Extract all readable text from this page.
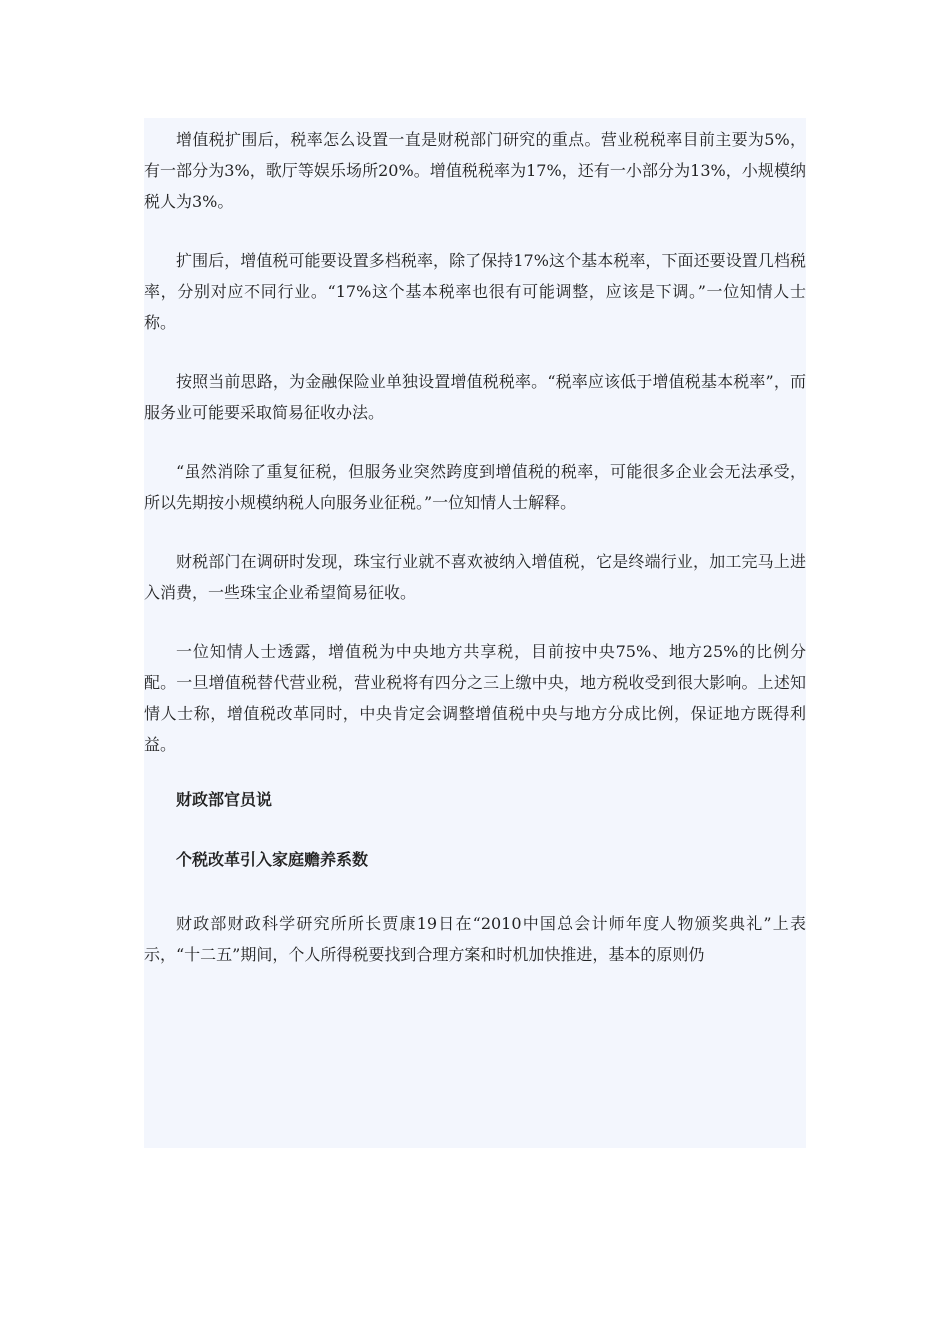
增值税扩围后，税率怎么设置一直是财税部门研究的重点。营业税税率目前主要为5%，有一部分为3%，歌厅等娱乐场所20%。增值税税率为17%，还有一小部分为13%，小规模纳税人为3%。

扩围后，增值税可能要设置多档税率，除了保持17%这个基本税率，下面还要设置几档税率，分别对应不同行业。“17%这个基本税率也很有可能调整，应该是下调。”一位知情人士称。

按照当前思路，为金融保险业单独设置增值税税率。“税率应该低于增值税基本税率”，而服务业可能要采取简易征收办法。

“虽然消除了重复征税，但服务业突然跨度到增值税的税率，可能很多企业会无法承受，所以先期按小规模纳税人向服务业征税。”一位知情人士解释。

财税部门在调研时发现，珠宝行业就不喜欢被纳入增值税，它是终端行业，加工完马上进入消费，一些珠宝企业希望简易征收。

一位知情人士透露，增值税为中央地方共享税，目前按中央75%、地方25%的比例分配。一旦增值税替代营业税，营业税将有四分之三上缴中央，地方税收受到很大影响。上述知情人士称，增值税改革同时，中央肯定会调整增值税中央与地方分成比例，保证地方既得利益。

财政部官员说
个税改革引入家庭赡养系数

财政部财政科学研究所所长贾康19日在“2010中国总会计师年度人物颁奖典礼”上表示，“十二五”期间，个人所得税要找到合理方案和时机加快推进，基本的原则仍
